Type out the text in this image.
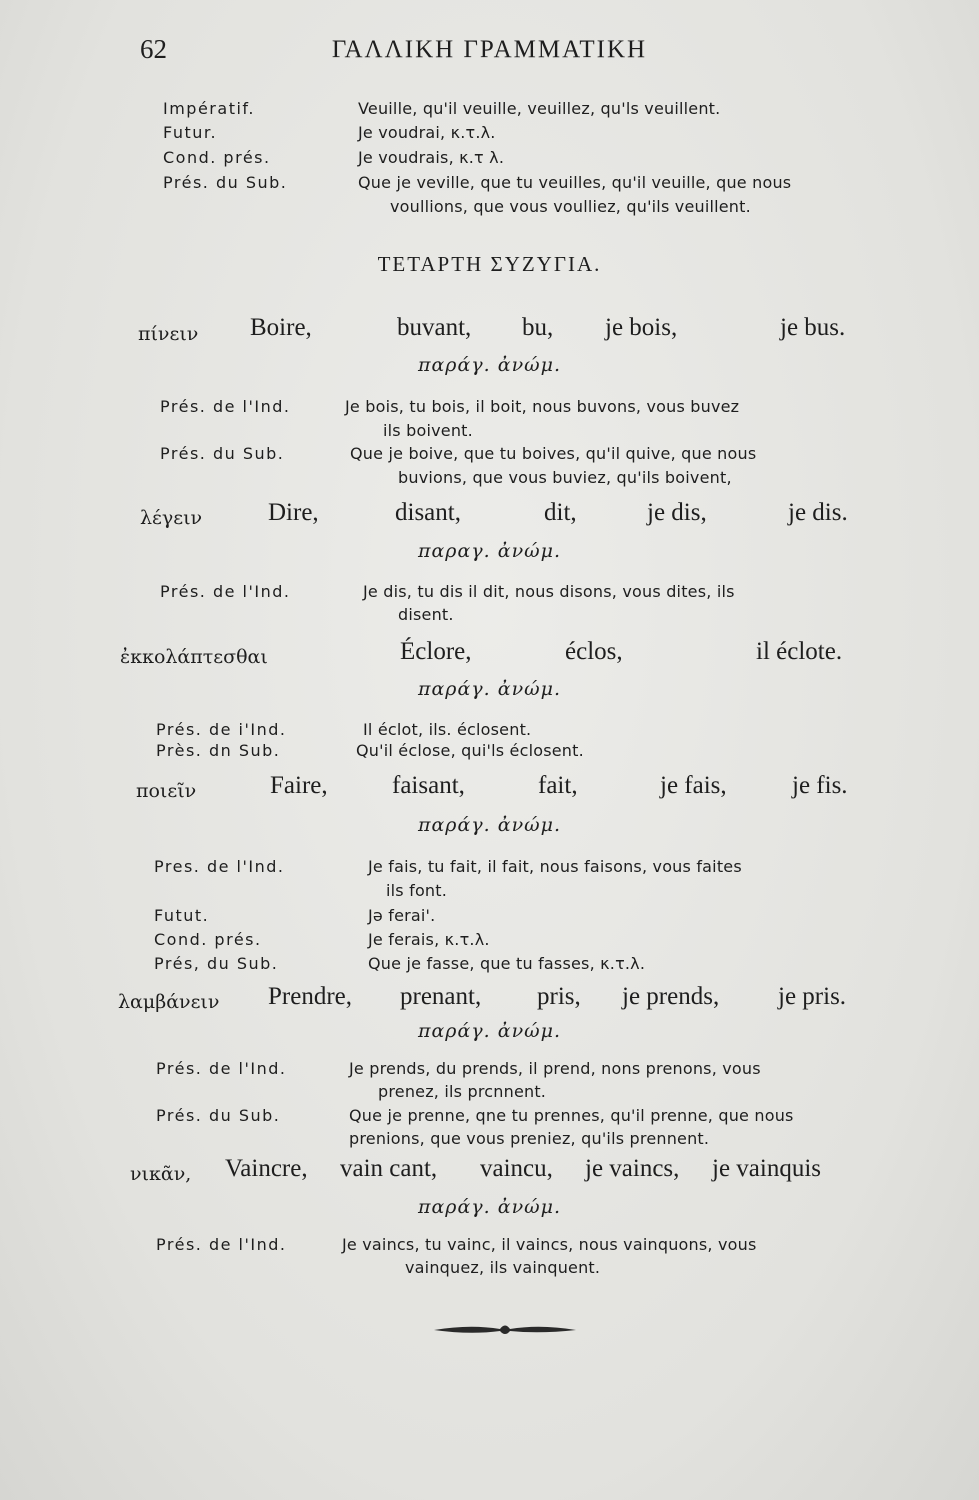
62	ΓΑΛΛΙΚΗ ΓΡΑΜΜΑΤΙΚΗ
Impératif.	Veuille, qu'il veuille, veuillez, qu'ls veuillent.
Futur.	Je voudrai, κ.τ.λ.
Cond. prés.	Je voudrais, κ.τ λ.
Prés. du Sub.	Que je veville, que tu veuilles, qu'il veuille, que nous
voullions, que vous voulliez, qu'ils veuillent.
ΤΕΤΑΡΤΗ ΣΥΖΥΓΙΑ.
πίνειν Boire,	buvant, bu, je bois,	je bus.
παράγ. ἀνώμ.
Prés. de l'Ind.	Je bois, tu bois, il boit, nous buvons, vous buvez
ils boivent.
Prés. du Sub.	Que je boive, que tu boives, qu'il quive, que nous
buvions, que vous buviez, qu'ils boivent,
λέγειν	Dire,	disant,	dit,	je dis,	je dis.
παραγ. ἀνώμ.
Prés. de l'Ind.	Je dis, tu dis il dit, nous disons, vous dites, ils
disent.
ἐκκολάπτεσθαι	Éclore,	éclos,	il éclote.
παράγ. ἀνώμ.
Prés. de i'Ind.	Il éclot, ils. éclosent.
Près. dn Sub.	Qu'il éclose, qui'ls éclosent.
ποιεῖν	Faire,	faisant,	fait,	je fais,	je fis.
παράγ. ἀνώμ.
Pres. de l'Ind.	Je fais, tu fait, il fait, nous faisons, vous faites
ils font.
Futut.	Jə ferai'.
Cond. prés.	Je ferais, κ.τ.λ.
Prés, du Sub.	Que je fasse, que tu fasses, κ.τ.λ.
λαμβάνειν Prendre, prenant, pris, je prends, je pris.
παράγ. ἀνώμ.
Prés. de l'Ind.	Je prends, du prends, il prend, nons prenons, vous
prenez, ils prcnnent.
Prés. du Sub.	Que je prenne, qne tu prennes, qu'il prenne, que nous
prenions, que vous preniez, qu'ils prennent.
νικᾶν, Vaincre, vain cant, vaincu, je vaincs, je vainquis
παράγ. ἀνώμ.
Prés. de l'Ind.	Je vaincs, tu vainc, il vaincs, nous vainquons, vous
vainquez, ils vainquent.
